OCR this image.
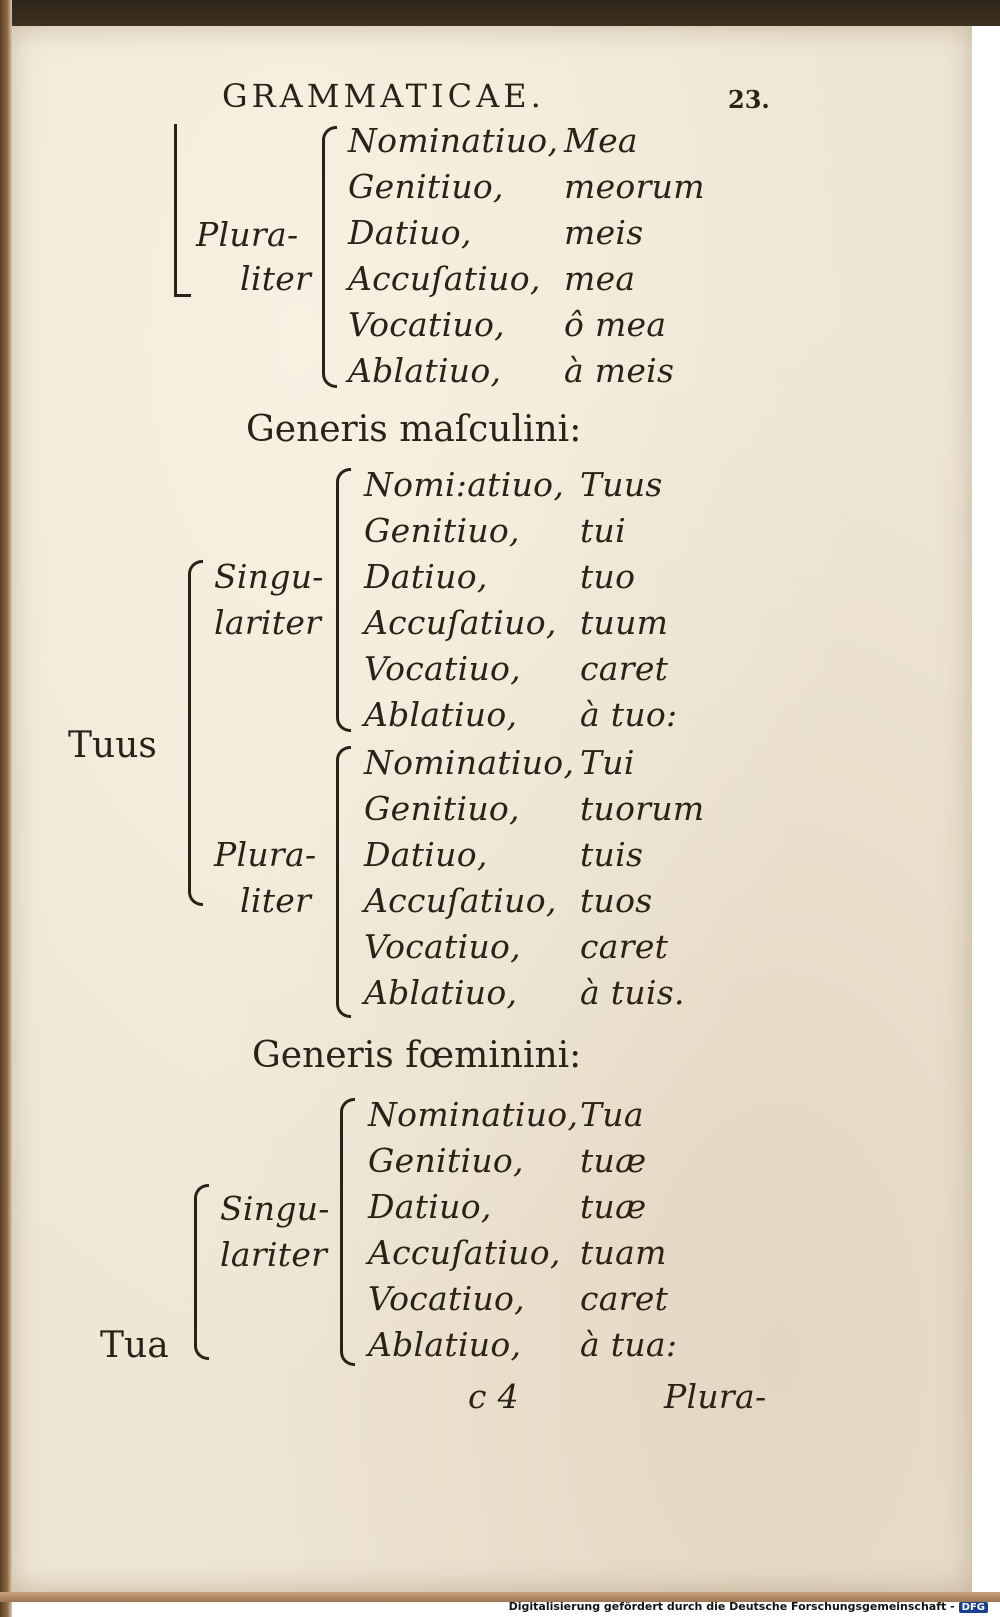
GRAMMATICAE.	23.
Plura-
liter
Nominatiuo, Mea
Genitiuo, meorum
Datiuo,	meis
Accuſatiuo, mea
Vocatiuo, ô mea
Ablatiuo, à meis
Generis maſculini:
Tuus
Singu-
lariter
Plura-
liter
Nomi:atiuo, Tuus
Genitiuo, tui
Datiuo,	tuo
Accuſatiuo, tuum
Vocatiuo, caret
Ablatiuo, à tuo:
Nominatiuo, Tui
Genitiuo, tuorum
Datiuo,	tuis
Accuſatiuo, tuos
Vocatiuo, caret
Ablatiuo, à tuis.
Generis fœminini:
Tua
Singu-
lariter
Nominatiuo, Tua
Genitiuo, tuæ
Datiuo,	tuæ
Accuſatiuo, tuam
Vocatiuo, caret
Ablatiuo, à tua:
c 4	Plura-
Digitalisierung gefördert durch die Deutsche Forschungsgemeinschaft - DFG
